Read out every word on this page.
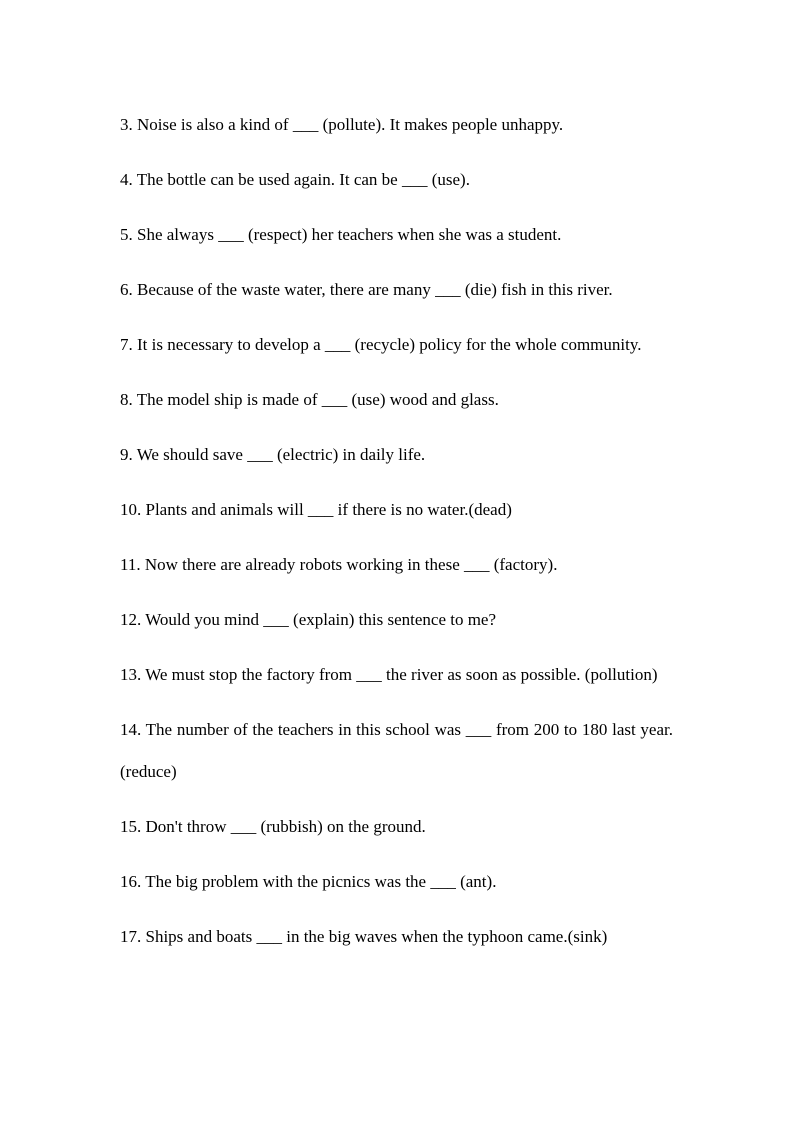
3. Noise is also a kind of ___ (pollute). It makes people unhappy.
4. The bottle can be used again. It can be ___ (use).
5. She always ___ (respect) her teachers when she was a student.
6. Because of the waste water, there are many ___ (die) fish in this river.
7. It is necessary to develop a ___ (recycle) policy for the whole community.
8. The model ship is made of ___ (use) wood and glass.
9. We should save ___ (electric) in daily life.
10. Plants and animals will ___ if there is no water.(dead)
11. Now there are already robots working in these ___ (factory).
12. Would you mind ___ (explain) this sentence to me?
13. We must stop the factory from ___ the river as soon as possible. (pollution)
14. The number of the teachers in this school was ___ from 200 to 180 last year.(reduce)
15. Don't throw ___ (rubbish) on the ground.
16. The big problem with the picnics was the ___ (ant).
17. Ships and boats ___ in the big waves when the typhoon came.(sink)
